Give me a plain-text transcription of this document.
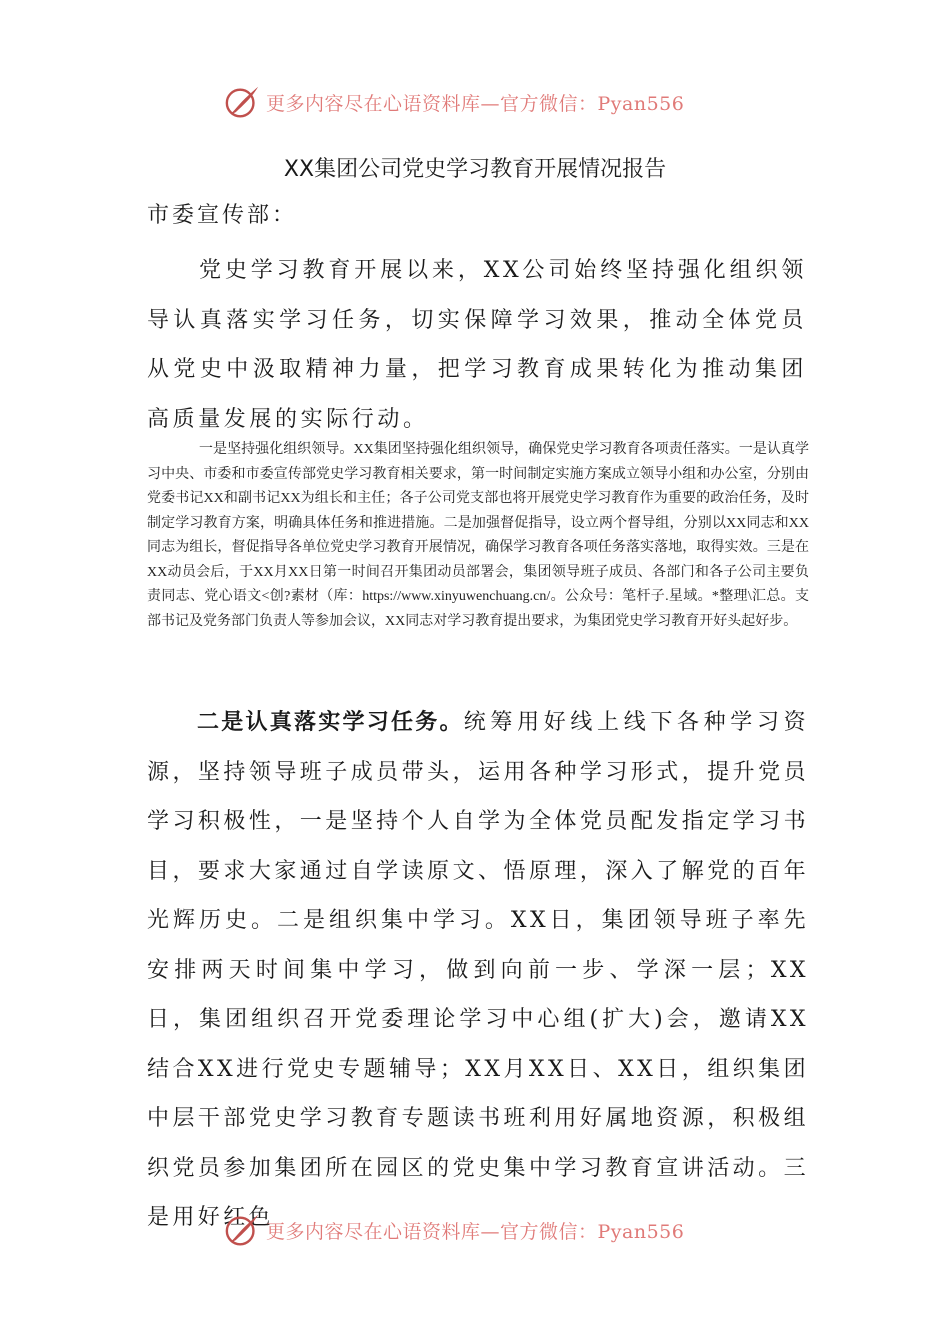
更多内容尽在心语资料库—官方微信：Pyan556
XX集团公司党史学习教育开展情况报告
市委宣传部：

党史学习教育开展以来，XX公司始终坚持强化组织领导认真落实学习任务，切实保障学习效果，推动全体党员从党史中汲取精神力量，把学习教育成果转化为推动集团高质量发展的实际行动。

一是坚持强化组织领导。XX集团坚持强化组织领导，确保党史学习教育各项责任落实。一是认真学习中央、市委和市委宣传部党史学习教育相关要求，第一时间制定实施方案成立领导小组和办公室，分别由党委书记XX和副书记XX为组长和主任；各子公司党支部也将开展党史学习教育作为重要的政治任务，及时制定学习教育方案，明确具体任务和推进措施。二是加强督促指导，设立两个督导组，分别以XX同志和XX同志为组长，督促指导各单位党史学习教育开展情况，确保学习教育各项任务落实落地，取得实效。三是在XX动员会后，于XX月XX日第一时间召开集团动员部署会，集团领导班子成员、各部门和各子公司主要负责同志、党心语文<创?素材（库：https://www.xinyuwenchuang.cn/。公众号：笔杆子.星域。*整理\汇总。支部书记及党务部门负责人等参加会议，XX同志对学习教育提出要求，为集团党史学习教育开好头起好步。

二是认真落实学习任务。统筹用好线上线下各种学习资源，坚持领导班子成员带头，运用各种学习形式，提升党员学习积极性，一是坚持个人自学为全体党员配发指定学习书目，要求大家通过自学读原文、悟原理，深入了解党的百年光辉历史。二是组织集中学习。XX日，集团领导班子率先安排两天时间集中学习，做到向前一步、学深一层；XX日，集团组织召开党委理论学习中心组(扩大)会，邀请XX结合XX进行党史专题辅导；XX月XX日、XX日，组织集团中层干部党史学习教育专题读书班利用好属地资源，积极组织党员参加集团所在园区的党史集中学习教育宣讲活动。三是用好红色

更多内容尽在心语资料库—官方微信：Pyan556
